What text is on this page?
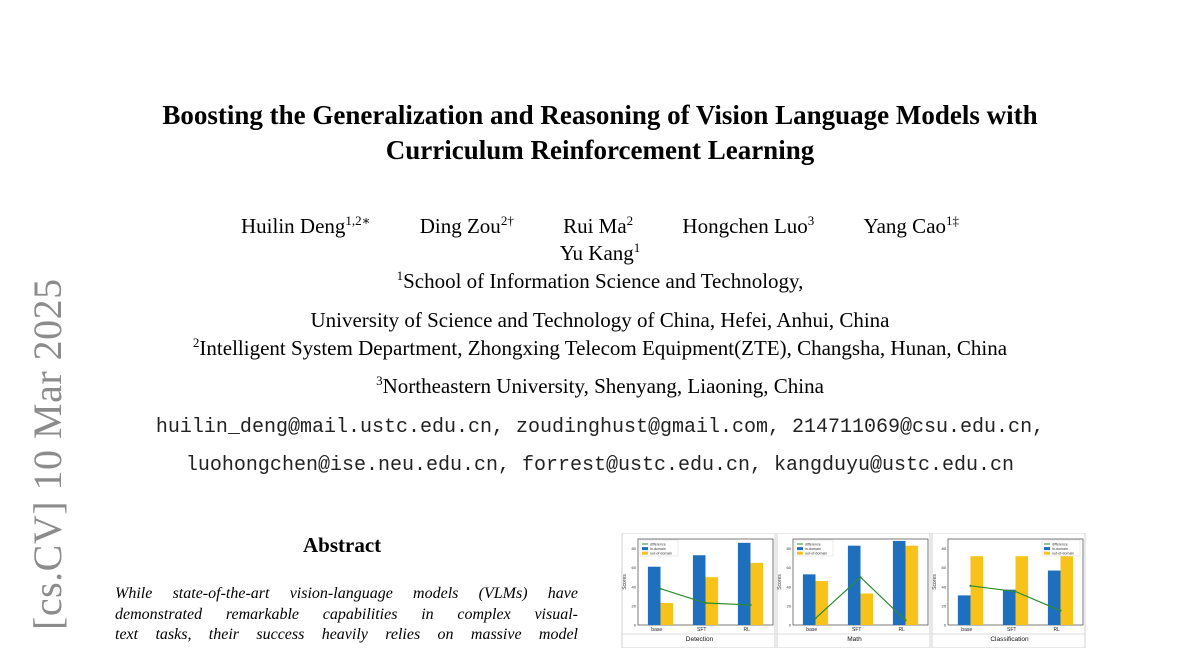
[cs.CV] 10 Mar 2025
Boosting the Generalization and Reasoning of Vision Language Models with
Curriculum Reinforcement Learning
Huilin Deng$^{1,2∗}$ Ding Zou$^{2\dagger}$ Rui Ma$^2$ Hongchen Luo$^3$ Yang Cao$^{1\ddagger}$
Yu Kang$^1$
$^1$School of Information Science and Technology,
University of Science and Technology of China, Hefei, Anhui, China
$^2$Intelligent System Department, Zhongxing Telecom Equipment(ZTE), Changsha, Hunan, China
$^3$Northeastern University, Shenyang, Liaoning, China
huilin_deng@mail.ustc.edu.cn, zoudinghust@gmail.com, 214711069@csu.edu.cn,
luohongchen@ise.neu.edu.cn, forrest@ustc.edu.cn, kangduyu@ustc.edu.cn
Abstract
While state-of-the-art vision-language models (VLMs) have
demonstrated remarkable capabilities in complex visual-
text tasks, their success heavily relies on massive model
0
20
40
60
80
Scores
base	SFT	RL
difference
in-domain
out-of-domain
Detection
0
20
40
60
80
Scores
base	SFT	RL
difference
in-domain
out-of-domain
Math
0
20
40
60
80
Scores
base	SFT	RL
difference
in-domain
out-of-domain
Classification
